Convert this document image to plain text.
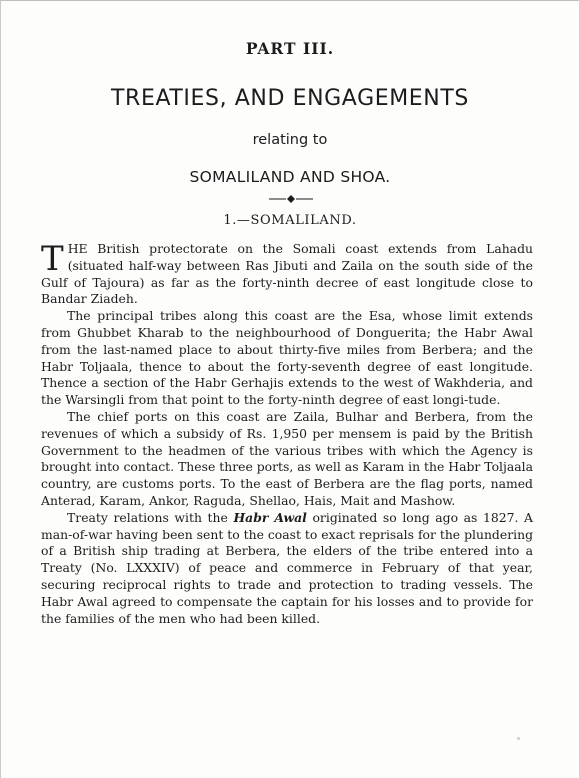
PART III.
TREATIES, AND ENGAGEMENTS
relating to
SOMALILAND AND SHOA.
1.—SOMALILAND.

THE British protectorate on the Somali coast extends from Lahadu (situated half-way between Ras Jibuti and Zaila on the south side of the Gulf of Tajoura) as far as the forty-ninth decree of east longitude close to Bandar Ziadeh.

The principal tribes along this coast are the Esa, whose limit extends from Ghubbet Kharab to the neighbourhood of Donguerita; the Habr Awal from the last-named place to about thirty-five miles from Berbera; and the Habr Toljaala, thence to about the forty-seventh degree of east longitude. Thence a section of the Habr Gerhajis extends to the west of Wakhderia, and the Warsingli from that point to the forty-ninth degree of east longi-tude.

The chief ports on this coast are Zaila, Bulhar and Berbera, from the revenues of which a subsidy of Rs. 1,950 per mensem is paid by the British Government to the headmen of the various tribes with which the Agency is brought into contact. These three ports, as well as Karam in the Habr Toljaala country, are customs ports. To the east of Berbera are the flag ports, named Anterad, Karam, Ankor, Raguda, Shellao, Hais, Mait and Mashow.

Treaty relations with the Habr Awal originated so long ago as 1827. A man-of-war having been sent to the coast to exact reprisals for the plundering of a British ship trading at Berbera, the elders of the tribe entered into a Treaty (No. LXXXIV) of peace and commerce in February of that year, securing reciprocal rights to trade and protection to trading vessels. The Habr Awal agreed to compensate the captain for his losses and to provide for the families of the men who had been killed.
